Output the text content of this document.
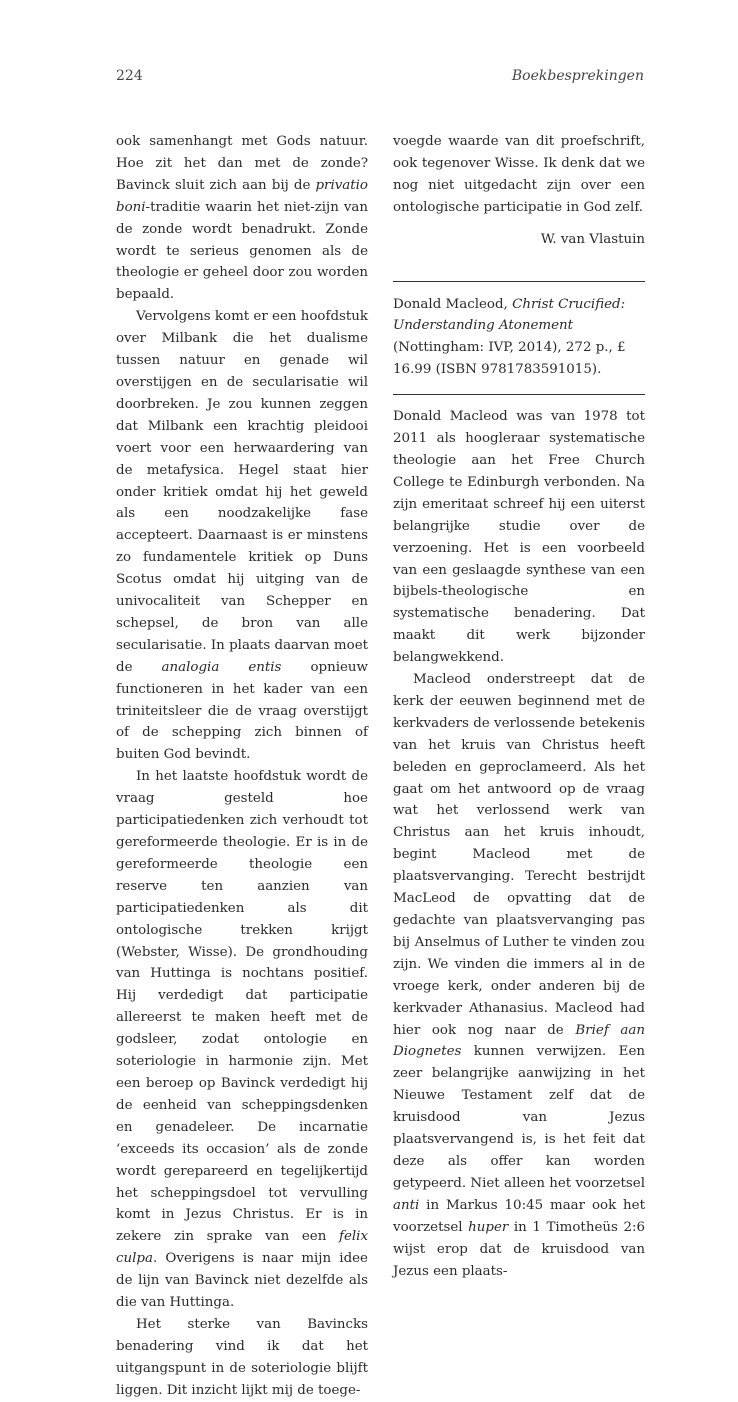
224	Boekbesprekingen

ook samenhangt met Gods natuur. Hoe zit het dan met de zonde? Bavinck sluit zich aan bij de privatio boni-traditie waarin het niet-zijn van de zonde wordt benadrukt. Zonde wordt te serieus genomen als de theologie er geheel door zou worden bepaald.

Vervolgens komt er een hoofdstuk over Milbank die het dualisme tussen natuur en genade wil overstijgen en de secularisatie wil doorbreken. Je zou kunnen zeggen dat Milbank een krachtig pleidooi voert voor een herwaardering van de metafysica. Hegel staat hier onder kritiek omdat hij het geweld als een noodzakelijke fase accepteert. Daarnaast is er minstens zo fundamentele kritiek op Duns Scotus omdat hij uitging van de univocaliteit van Schepper en schepsel, de bron van alle secularisatie. In plaats daarvan moet de analogia entis opnieuw functioneren in het kader van een triniteitsleer die de vraag overstijgt of de schepping zich binnen of buiten God bevindt.

In het laatste hoofdstuk wordt de vraag gesteld hoe participatiedenken zich verhoudt tot gereformeerde theologie. Er is in de gereformeerde theologie een reserve ten aanzien van participatiedenken als dit ontologische trekken krijgt (Webster, Wisse). De grondhouding van Huttinga is nochtans positief. Hij verdedigt dat participatie allereerst te maken heeft met de godsleer, zodat ontologie en soteriologie in harmonie zijn. Met een beroep op Bavinck verdedigt hij de eenheid van scheppingsdenken en genadeleer. De incarnatie ‘exceeds its occasion’ als de zonde wordt gerepareerd en tegelijkertijd het scheppingsdoel tot vervulling komt in Jezus Christus. Er is in zekere zin sprake van een felix culpa. Overigens is naar mijn idee de lijn van Bavinck niet dezelfde als die van Huttinga.

Het sterke van Bavincks benadering vind ik dat het uitgangspunt in de soteriologie blijft liggen. Dit inzicht lijkt mij de toege-

voegde waarde van dit proefschrift, ook tegenover Wisse. Ik denk dat we nog niet uitgedacht zijn over een ontologische participatie in God zelf.

W. van Vlastuin

Donald Macleod, Christ Crucified: Understanding Atonement (Nottingham: IVP, 2014), 272 p., £ 16.99 (ISBN 9781783591015).

Donald Macleod was van 1978 tot 2011 als hoogleraar systematische theologie aan het Free Church College te Edinburgh verbonden. Na zijn emeritaat schreef hij een uiterst belangrijke studie over de verzoening. Het is een voorbeeld van een geslaagde synthese van een bijbels-theologische en systematische benadering. Dat maakt dit werk bijzonder belangwekkend.

Macleod onderstreept dat de kerk der eeuwen beginnend met de kerkvaders de verlossende betekenis van het kruis van Christus heeft beleden en geproclameerd. Als het gaat om het antwoord op de vraag wat het verlossend werk van Christus aan het kruis inhoudt, begint Macleod met de plaatsvervanging. Terecht bestrijdt MacLeod de opvatting dat de gedachte van plaatsvervanging pas bij Anselmus of Luther te vinden zou zijn. We vinden die immers al in de vroege kerk, onder anderen bij de kerkvader Athanasius. Macleod had hier ook nog naar de Brief aan Diognetes kunnen verwijzen. Een zeer belangrijke aanwijzing in het Nieuwe Testament zelf dat de kruisdood van Jezus plaatsvervangend is, is het feit dat deze als offer kan worden getypeerd. Niet alleen het voorzetsel anti in Markus 10:45 maar ook het voorzetsel huper in 1 Timotheüs 2:6 wijst erop dat de kruisdood van Jezus een plaats-
